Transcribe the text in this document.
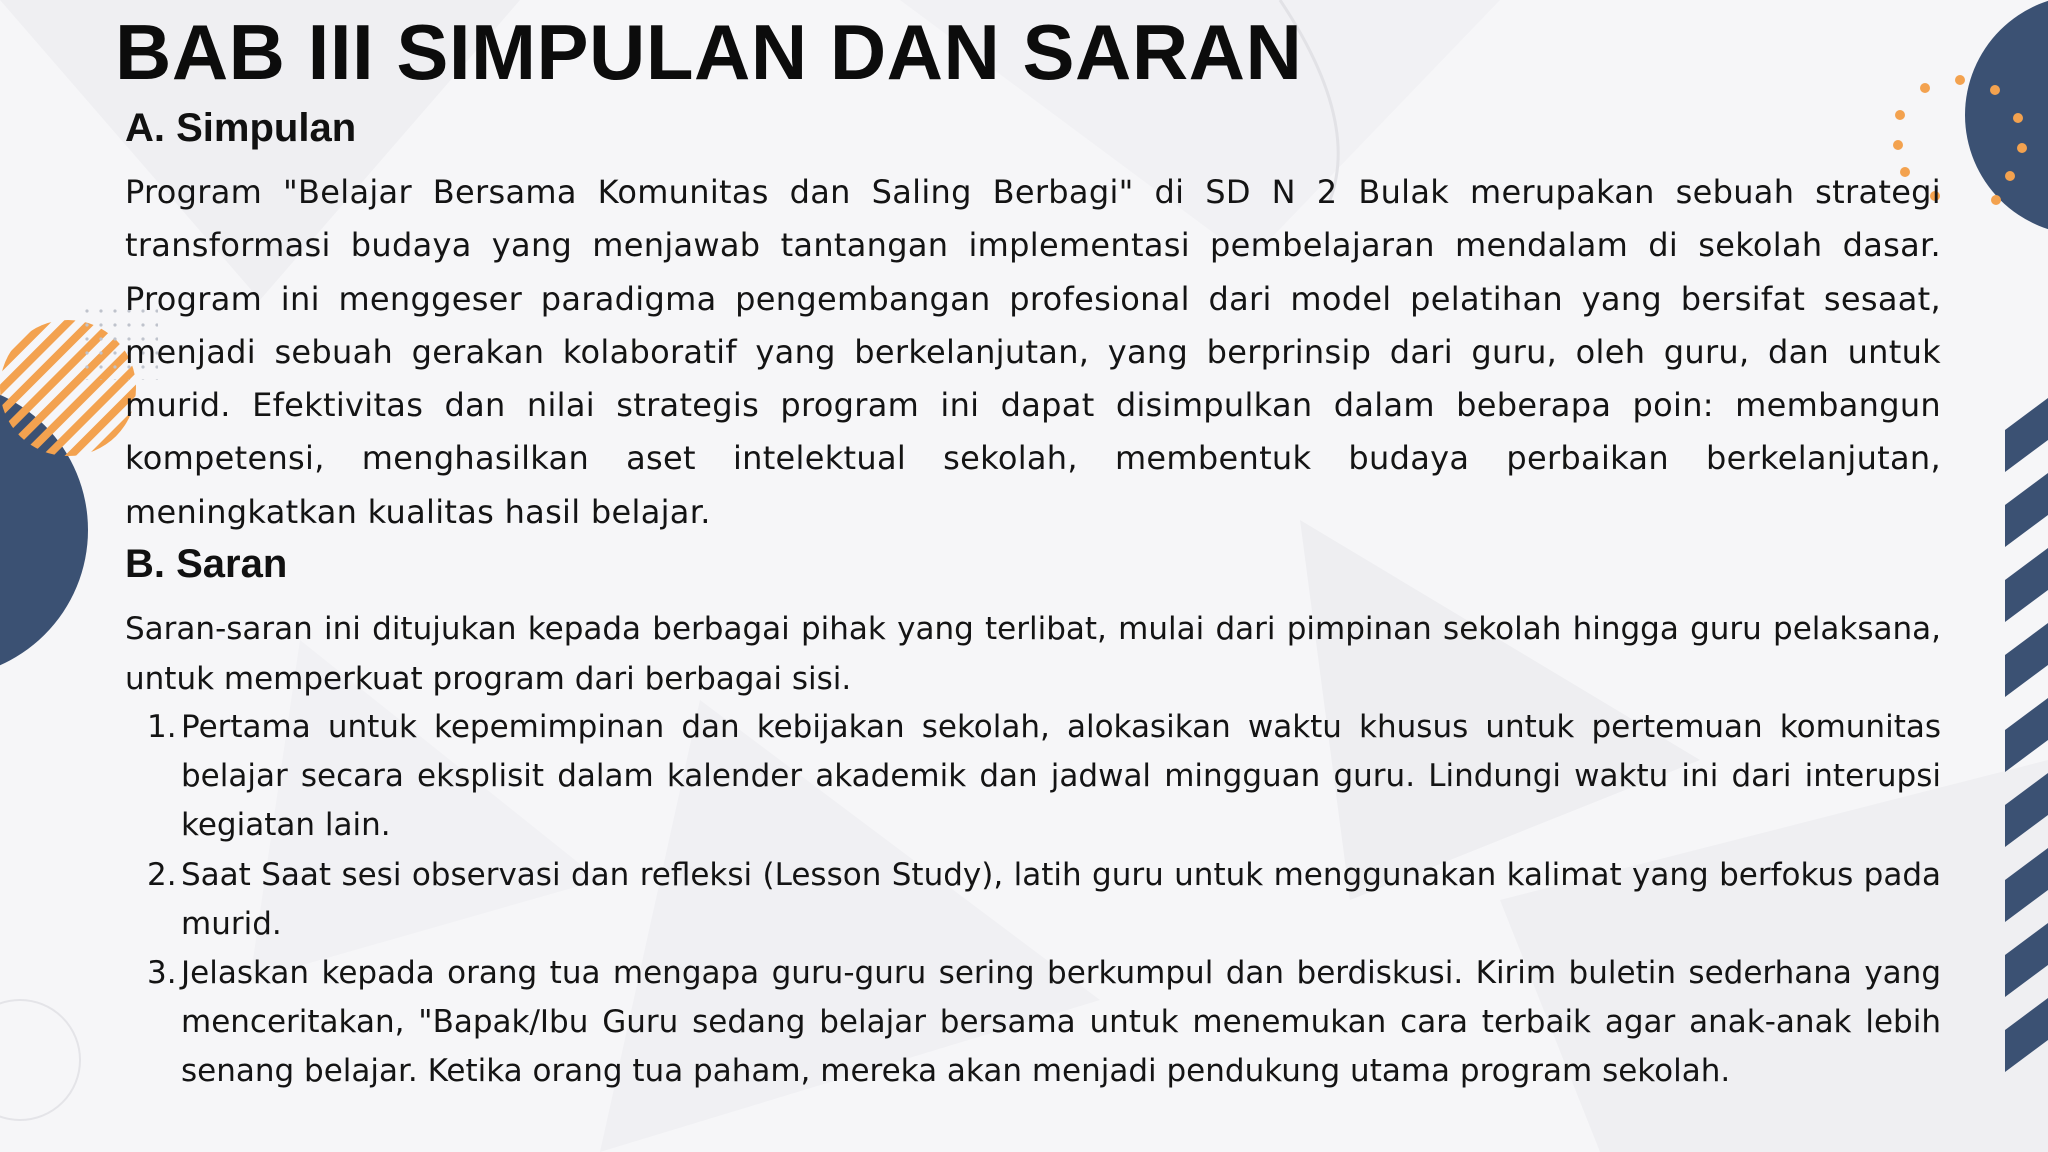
BAB III SIMPULAN DAN SARAN
A. Simpulan

Program "Belajar Bersama Komunitas dan Saling Berbagi" di SD N 2 Bulak merupakan sebuah strategi transformasi budaya yang menjawab tantangan implementasi pembelajaran mendalam di sekolah dasar. Program ini menggeser paradigma pengembangan profesional dari model pelatihan yang bersifat sesaat, menjadi sebuah gerakan kolaboratif yang berkelanjutan, yang berprinsip dari guru, oleh guru, dan untuk murid. Efektivitas dan nilai strategis program ini dapat disimpulkan dalam beberapa poin: membangun kompetensi, menghasilkan aset intelektual sekolah, membentuk budaya perbaikan berkelanjutan, meningkatkan kualitas hasil belajar.

B. Saran

Saran-saran ini ditujukan kepada berbagai pihak yang terlibat, mulai dari pimpinan sekolah hingga guru pelaksana, untuk memperkuat program dari berbagai sisi.

1. Pertama untuk kepemimpinan dan kebijakan sekolah, alokasikan waktu khusus untuk pertemuan komunitas belajar secara eksplisit dalam kalender akademik dan jadwal mingguan guru. Lindungi waktu ini dari interupsi kegiatan lain.
2. Saat Saat sesi observasi dan refleksi (Lesson Study), latih guru untuk menggunakan kalimat yang berfokus pada murid.
3. Jelaskan kepada orang tua mengapa guru-guru sering berkumpul dan berdiskusi. Kirim buletin sederhana yang menceritakan, "Bapak/Ibu Guru sedang belajar bersama untuk menemukan cara terbaik agar anak-anak lebih senang belajar. Ketika orang tua paham, mereka akan menjadi pendukung utama program sekolah.
